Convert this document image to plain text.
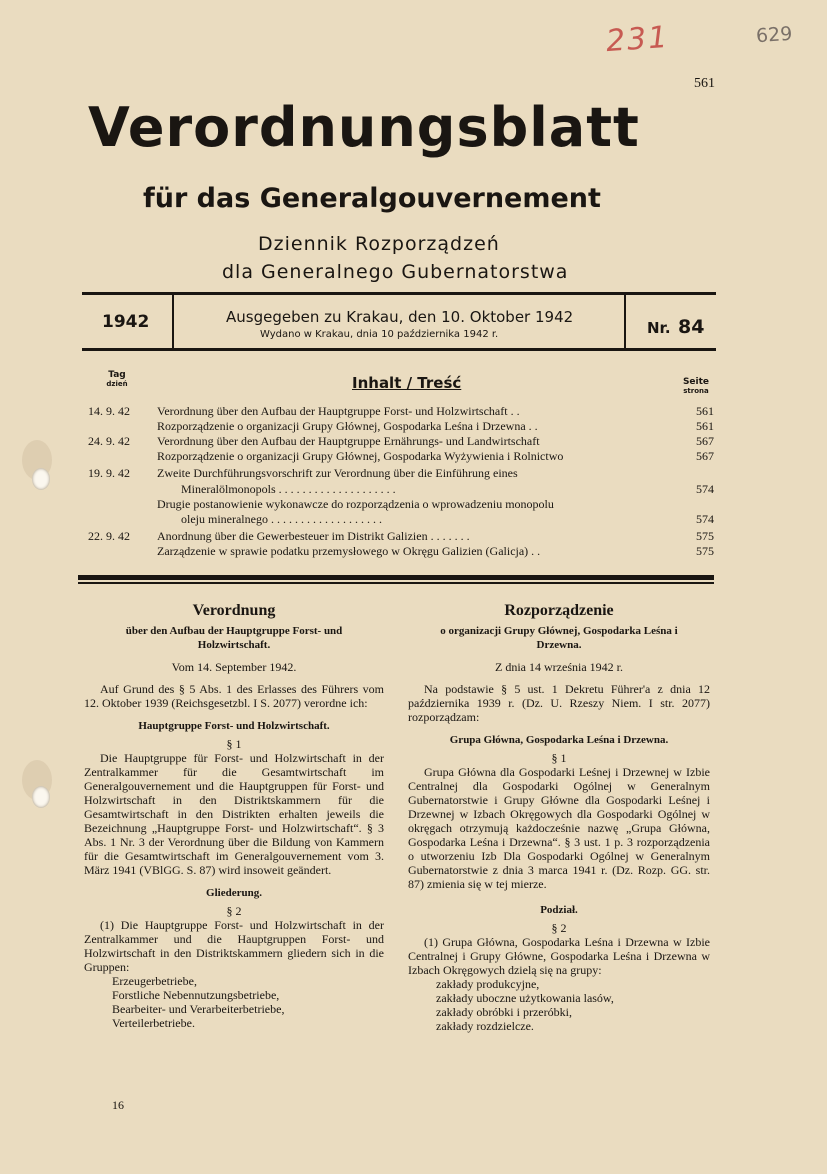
231	629
561
Verordnungsblatt
für das Generalgouvernement
Dziennik Rozporządzeń
dla Generalnego Gubernatorstwa
1942	Ausgegeben zu Krakau, den 10. Oktober 1942
Wydano w Krakau, dnia 10 października 1942 r.	Nr. 84
Tag
dzień	Inhalt / Treść	Seite
strona
14. 9. 42	Verordnung über den Aufbau der Hauptgruppe Forst- und Holzwirtschaft . .	561
Rozporządzenie o organizacji Grupy Głównej, Gospodarka Leśna i Drzewna . .	561
24. 9. 42	Verordnung über den Aufbau der Hauptgruppe Ernährungs- und Landwirtschaft	567
Rozporządzenie o organizacji Grupy Głównej, Gospodarka Wyżywienia i Rolnictwo	567
19. 9. 42	Zweite Durchführungsvorschrift zur Verordnung über die Einführung eines
Mineralölmonopols . . . . . . . . . . . . . . . . . . . .	574
Drugie postanowienie wykonawcze do rozporządzenia o wprowadzeniu monopolu
oleju mineralnego . . . . . . . . . . . . . . . . . . .	574
22. 9. 42	Anordnung über die Gewerbesteuer im Distrikt Galizien . . . . . . .	575
Zarządzenie w sprawie podatku przemysłowego w Okręgu Galizien (Galicja) . .	575
Verordnung
über den Aufbau der Hauptgruppe Forst- und Holzwirtschaft.
Vom 14. September 1942.
Auf Grund des § 5 Abs. 1 des Erlasses des Führers vom 12. Oktober 1939 (Reichsgesetzbl. I S. 2077) verordne ich:
Hauptgruppe Forst- und Holzwirtschaft.
§ 1
Die Hauptgruppe für Forst- und Holzwirtschaft in der Zentralkammer für die Gesamtwirtschaft im Generalgouvernement und die Hauptgruppen für Forst- und Holzwirtschaft in den Distriktskammern für die Gesamtwirtschaft in den Distrikten erhalten jeweils die Bezeichnung „Hauptgruppe Forst- und Holzwirtschaft“. § 3 Abs. 1 Nr. 3 der Verordnung über die Bildung von Kammern für die Gesamtwirtschaft im Generalgouvernement vom 3. März 1941 (VBlGG. S. 87) wird insoweit geändert.
Gliederung.
§ 2
(1) Die Hauptgruppe Forst- und Holzwirtschaft in der Zentralkammer und die Hauptgruppen Forst- und Holzwirtschaft in den Distriktskammern gliedern sich in die Gruppen:
Erzeugerbetriebe,
Forstliche Nebennutzungsbetriebe,
Bearbeiter- und Verarbeiterbetriebe,
Verteilerbetriebe.
16
Rozporządzenie
o organizacji Grupy Głównej, Gospodarka Leśna i Drzewna.
Z dnia 14 września 1942 r.
Na podstawie § 5 ust. 1 Dekretu Führer'a z dnia 12 października 1939 r. (Dz. U. Rzeszy Niem. I str. 2077) rozporządzam:
Grupa Główna, Gospodarka Leśna i Drzewna.
§ 1
Grupa Główna dla Gospodarki Leśnej i Drzewnej w Izbie Centralnej dla Gospodarki Ogólnej w Generalnym Gubernatorstwie i Grupy Główne dla Gospodarki Leśnej i Drzewnej w Izbach Okręgowych dla Gospodarki Ogólnej w okręgach otrzymują każdocześnie nazwę „Grupa Główna, Gospodarka Leśna i Drzewna“. § 3 ust. 1 p. 3 rozporządzenia o utworzeniu Izb Dla Gospodarki Ogólnej w Generalnym Gubernatorstwie z dnia 3 marca 1941 r. (Dz. Rozp. GG. str. 87) zmienia się w tej mierze.
Podział.
§ 2
(1) Grupa Główna, Gospodarka Leśna i Drzewna w Izbie Centralnej i Grupy Główne, Gospodarka Leśna i Drzewna w Izbach Okręgowych dzielą się na grupy:
zakłady produkcyjne,
zakłady uboczne użytkowania lasów,
zakłady obróbki i przeróbki,
zakłady rozdzielcze.
